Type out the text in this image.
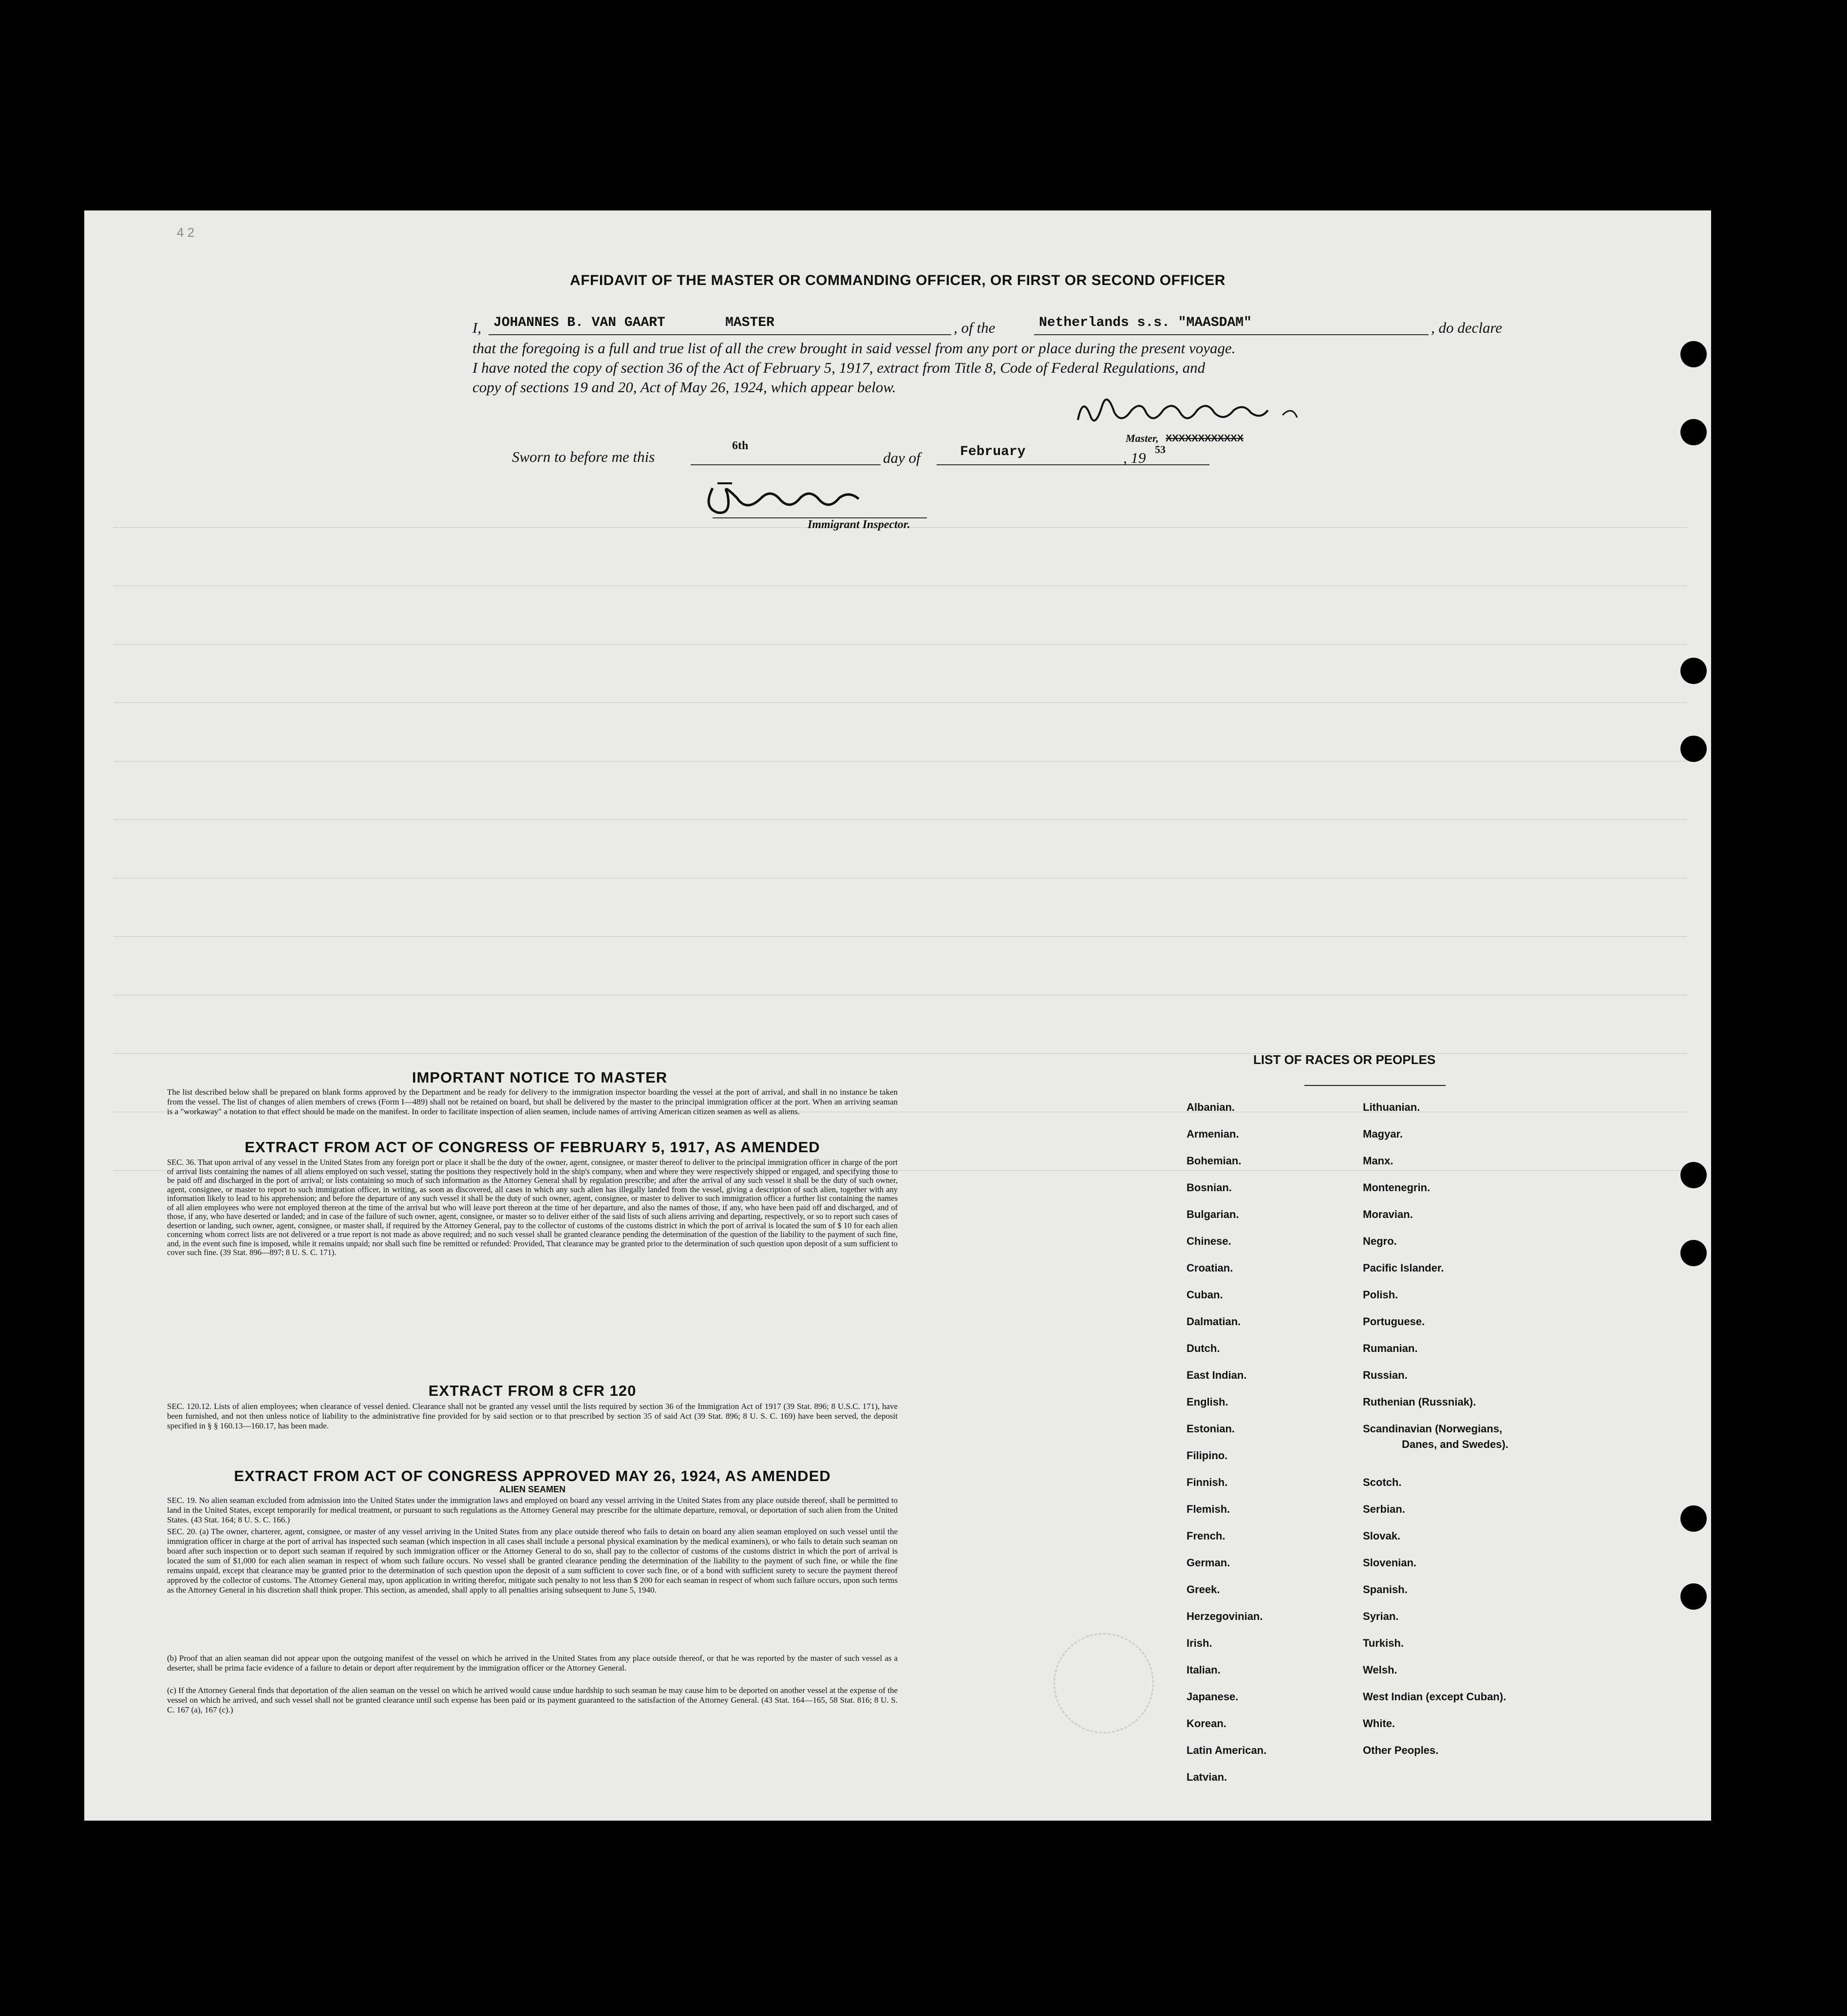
4 2
AFFIDAVIT OF THE MASTER OR COMMANDING OFFICER, OR FIRST OR SECOND OFFICER
I, JOHANNES B. VAN GAART	MASTER	, of the	Netherlands s.s. "MAASDAM"	, do declare
that the foregoing is a full and true list of all the crew brought in said vessel from any port or place during the present voyage.
I have noted the copy of section 36 of the Act of February 5, 1917, extract from Title 8, Code of Federal Regulations, and
copy of sections 19 and 20, Act of May 26, 1924, which appear below.
Master, XXXXXXXXXXXX
Sworn to before me this
6th
day of	February	, 19 53
Immigrant Inspector.
IMPORTANT NOTICE TO MASTER
The list described below shall be prepared on blank forms approved by the Department and be ready for delivery to the immigration inspector boarding the vessel at the port of arrival, and shall in no instance be taken from the vessel. The list of changes of alien members of crews (Form I—489) shall not be retained on board, but shall be delivered by the master to the principal immigration officer at the port. When an arriving seaman is a "workaway" a notation to that effect should be made on the manifest. In order to facilitate inspection of alien seamen, include names of arriving American citizen seamen as well as aliens.
EXTRACT FROM ACT OF CONGRESS OF FEBRUARY 5, 1917, AS AMENDED
SEC. 36. That upon arrival of any vessel in the United States from any foreign port or place it shall be the duty of the owner, agent, consignee, or master thereof to deliver to the principal immigration officer in charge of the port of arrival lists containing the names of all aliens employed on such vessel, stating the positions they respectively hold in the ship's company, when and where they were respectively shipped or engaged, and specifying those to be paid off and discharged in the port of arrival; or lists containing so much of such information as the Attorney General shall by regulation prescribe; and after the arrival of any such vessel it shall be the duty of such owner, agent, consignee, or master to report to such immigration officer, in writing, as soon as discovered, all cases in which any such alien has illegally landed from the vessel, giving a description of such alien, together with any information likely to lead to his apprehension; and before the departure of any such vessel it shall be the duty of such owner, agent, consignee, or master to deliver to such immigration officer a further list containing the names of all alien employees who were not employed thereon at the time of the arrival but who will leave port thereon at the time of her departure, and also the names of those, if any, who have been paid off and discharged, and of those, if any, who have deserted or landed; and in case of the failure of such owner, agent, consignee, or master so to deliver either of the said lists of such aliens arriving and departing, respectively, or so to report such cases of desertion or landing, such owner, agent, consignee, or master shall, if required by the Attorney General, pay to the collector of customs of the customs district in which the port of arrival is located the sum of $ 10 for each alien concerning whom correct lists are not delivered or a true report is not made as above required; and no such vessel shall be granted clearance pending the determination of the question of the liability to the payment of such fine, and, in the event such fine is imposed, while it remains unpaid; nor shall such fine be remitted or refunded: Provided, That clearance may be granted prior to the determination of such question upon deposit of a sum sufficient to cover such fine. (39 Stat. 896—897; 8 U. S. C. 171).
EXTRACT FROM 8 CFR 120
SEC. 120.12. Lists of alien employees; when clearance of vessel denied. Clearance shall not be granted any vessel until the lists required by section 36 of the Immigration Act of 1917 (39 Stat. 896; 8 U.S.C. 171), have been furnished, and not then unless notice of liability to the administrative fine provided for by said section or to that prescribed by section 35 of said Act (39 Stat. 896; 8 U. S. C. 169) have been served, the deposit specified in § § 160.13—160.17, has been made.
EXTRACT FROM ACT OF CONGRESS APPROVED MAY 26, 1924, AS AMENDED
ALIEN SEAMEN
SEC. 19. No alien seaman excluded from admission into the United States under the immigration laws and employed on board any vessel arriving in the United States from any place outside thereof, shall be permitted to land in the United States, except temporarily for medical treatment, or pursuant to such regulations as the Attorney General may prescribe for the ultimate departure, removal, or deportation of such alien from the United States. (43 Stat. 164; 8 U. S. C. 166.)
SEC. 20. (a) The owner, charterer, agent, consignee, or master of any vessel arriving in the United States from any place outside thereof who fails to detain on board any alien seaman employed on such vessel until the immigration officer in charge at the port of arrival has inspected such seaman (which inspection in all cases shall include a personal physical examination by the medical examiners), or who fails to detain such seaman on board after such inspection or to deport such seaman if required by such immigration officer or the Attorney General to do so, shall pay to the collector of customs of the customs district in which the port of arrival is located the sum of $1,000 for each alien seaman in respect of whom such failure occurs. No vessel shall be granted clearance pending the determination of the liability to the payment of such fine, or while the fine remains unpaid, except that clearance may be granted prior to the determination of such question upon the deposit of a sum sufficient to cover such fine, or of a bond with sufficient surety to secure the payment thereof approved by the collector of customs. The Attorney General may, upon application in writing therefor, mitigate such penalty to not less than $ 200 for each seaman in respect of whom such failure occurs, upon such terms as the Attorney General in his discretion shall think proper. This section, as amended, shall apply to all penalties arising subsequent to June 5, 1940.
(b) Proof that an alien seaman did not appear upon the outgoing manifest of the vessel on which he arrived in the United States from any place outside thereof, or that he was reported by the master of such vessel as a deserter, shall be prima facie evidence of a failure to detain or deport after requirement by the immigration officer or the Attorney General.
(c) If the Attorney General finds that deportation of the alien seaman on the vessel on which he arrived would cause undue hardship to such seaman he may cause him to be deported on another vessel at the expense of the vessel on which he arrived, and such vessel shall not be granted clearance until such expense has been paid or its payment guaranteed to the satisfaction of the Attorney General. (43 Stat. 164—165, 58 Stat. 816; 8 U. S. C. 167 (a), 167 (c).)
LIST OF RACES OR PEOPLES
Albanian.
Armenian.
Bohemian.
Bosnian.
Bulgarian.
Chinese.
Croatian.
Cuban.
Dalmatian.
Dutch.
East Indian.
English.
Estonian.
Filipino.
Finnish.
Flemish.
French.
German.
Greek.
Herzegovinian.
Irish.
Italian.
Japanese.
Korean.
Latin American.
Latvian.
Lithuanian.
Magyar.
Manx.
Montenegrin.
Moravian.
Negro.
Pacific Islander.
Polish.
Portuguese.
Rumanian.
Russian.
Ruthenian (Russniak).
Scandinavian (Norwegians,
Danes, and Swedes).
Scotch.
Serbian.
Slovak.
Slovenian.
Spanish.
Syrian.
Turkish.
Welsh.
West Indian (except Cuban).
White.
Other Peoples.
